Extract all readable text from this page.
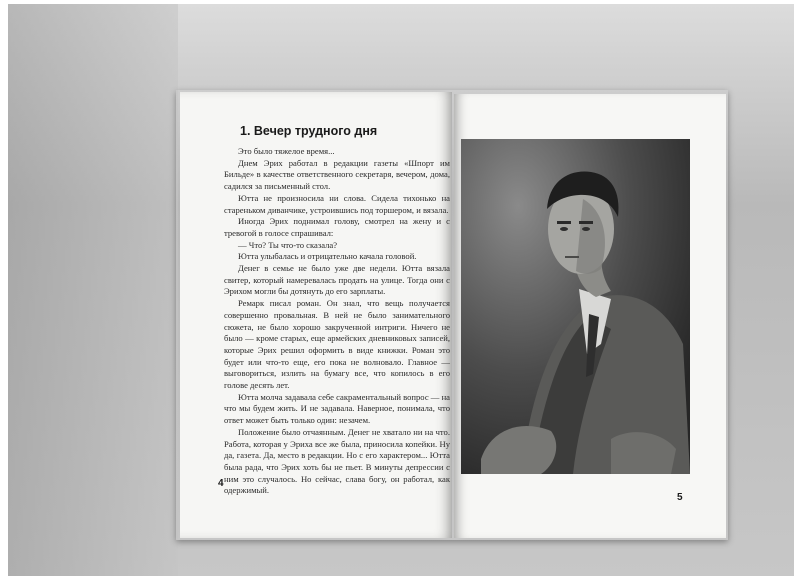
1. Вечер трудного дня

Это было тяжелое время...

Днем Эрих работал в редакции газеты «Шпорт им Бильде» в качестве ответственного секретаря, вечером, дома, садился за письменный стол.

Ютта не произносила ни слова. Сидела тихонько на стареньком диванчике, устроившись под торшером, и вязала.

Иногда Эрих поднимал голову, смотрел на жену и с тревогой в голосе спрашивал:

— Что? Ты что-то сказала?

Ютта улыбалась и отрицательно качала головой.

Денег в семье не было уже две недели. Ютта вязала свитер, который намеревалась продать на улице. Тогда они с Эрихом могли бы дотянуть до его зарплаты.

Ремарк писал роман. Он знал, что вещь получается совершенно провальная. В ней не было занимательного сюжета, не было хорошо закрученной интриги. Ничего не было — кроме старых, еще армейских дневниковых записей, которые Эрих решил оформить в виде книжки. Роман это будет или что-то еще, его пока не волновало. Главное — выговориться, излить на бумагу все, что копилось в его голове десять лет.

Ютта молча задавала себе сакраментальный вопрос — на что мы будем жить. И не задавала. Наверное, понимала, что ответ может быть только один: незачем.

Положение было отчаянным. Денег не хватало ни на что. Работа, которая у Эриха все же была, приносила копейки. Ну да, газета. Да, место в редакции. Но с его характером... Ютта была рада, что Эрих хоть бы не пьет. В минуты депрессии с ним это случалось. Но сейчас, слава богу, он работал, как одержимый.

4
5
